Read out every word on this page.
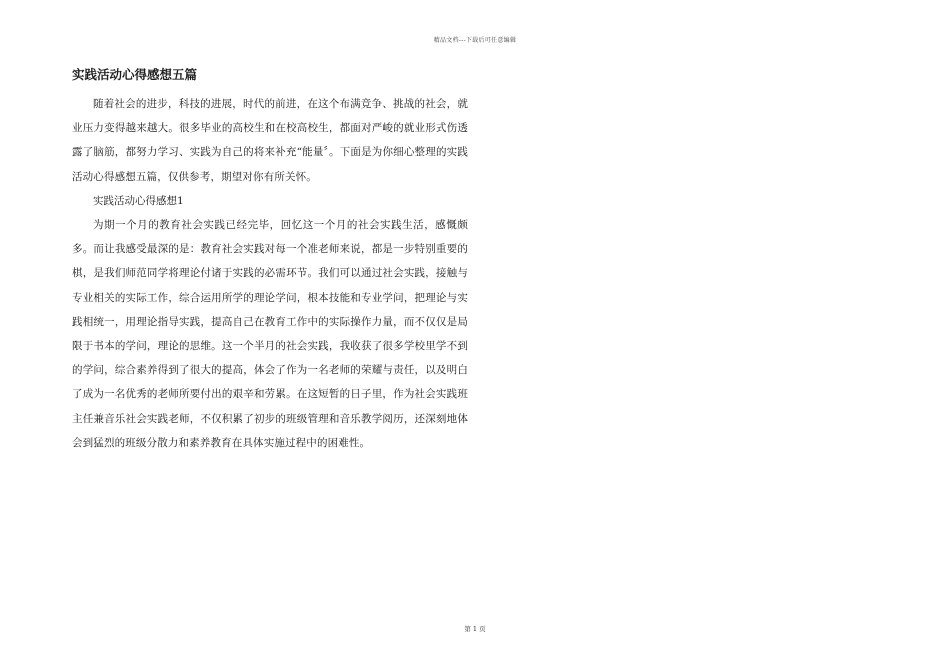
精品文档---下载后可任意编辑
实践活动心得感想五篇

随着社会的进步，科技的进展，时代的前进，在这个布满竞争、挑战的社会，就业压力变得越来越大。很多毕业的高校生和在校高校生，都面对严峻的就业形式伤透露了脑筋，都努力学习、实践为自己的将来补充“能量〞。下面是为你细心整理的实践活动心得感想五篇，仅供参考，期望对你有所关怀。

实践活动心得感想1

为期一个月的教育社会实践已经完毕，回忆这一个月的社会实践生活，感慨颇多。而让我感受最深的是：教育社会实践对每一个准老师来说，都是一步特别重要的棋，是我们师范同学将理论付诸于实践的必需环节。我们可以通过社会实践，接触与专业相关的实际工作，综合运用所学的理论学问，根本技能和专业学问，把理论与实践相统一，用理论指导实践，提高自己在教育工作中的实际操作力量，而不仅仅是局限于书本的学问，理论的思维。这一个半月的社会实践，我收获了很多学校里学不到的学问，综合素养得到了很大的提高，体会了作为一名老师的荣耀与责任，以及明白了成为一名优秀的老师所要付出的艰辛和劳累。在这短暂的日子里，作为社会实践班主任兼音乐社会实践老师，不仅积累了初步的班级管理和音乐教学阅历，还深刻地体会到猛烈的班级分散力和素养教育在具体实施过程中的困难性。

第 1 页
